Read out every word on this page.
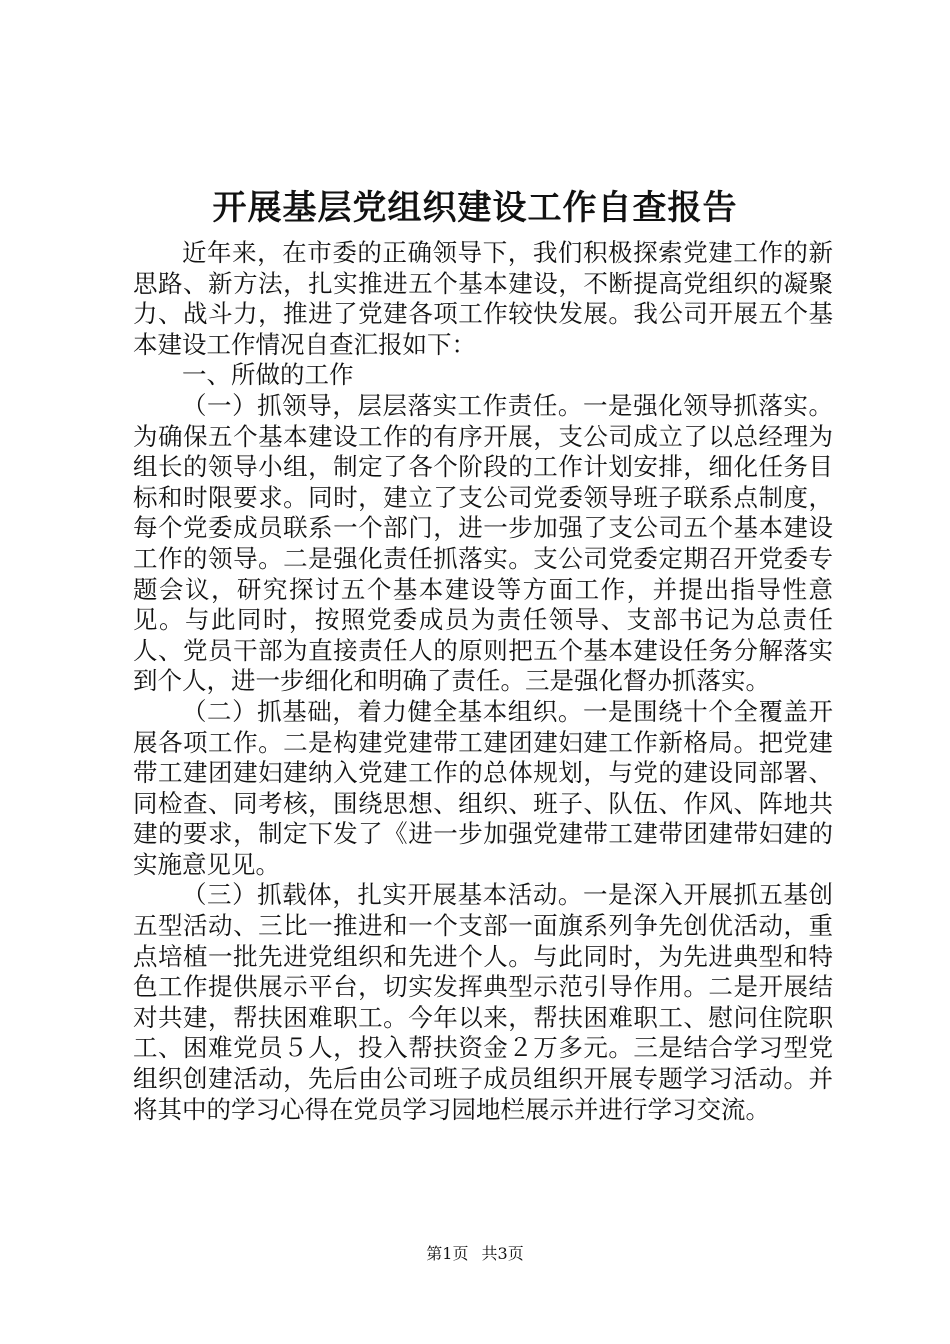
开展基层党组织建设工作自查报告

近年来，在市委的正确领导下，我们积极探索党建工作的新思路、新方法，扎实推进五个基本建设，不断提高党组织的凝聚力、战斗力，推进了党建各项工作较快发展。我公司开展五个基本建设工作情况自查汇报如下：

一、所做的工作

（一）抓领导，层层落实工作责任。一是强化领导抓落实。为确保五个基本建设工作的有序开展，支公司成立了以总经理为组长的领导小组，制定了各个阶段的工作计划安排，细化任务目标和时限要求。同时，建立了支公司党委领导班子联系点制度，每个党委成员联系一个部门，进一步加强了支公司五个基本建设工作的领导。二是强化责任抓落实。支公司党委定期召开党委专题会议，研究探讨五个基本建设等方面工作，并提出指导性意见。与此同时，按照党委成员为责任领导、支部书记为总责任人、党员干部为直接责任人的原则把五个基本建设任务分解落实到个人，进一步细化和明确了责任。三是强化督办抓落实。

（二）抓基础，着力健全基本组织。一是围绕十个全覆盖开展各项工作。二是构建党建带工建团建妇建工作新格局。把党建带工建团建妇建纳入党建工作的总体规划，与党的建设同部署、同检查、同考核，围绕思想、组织、班子、队伍、作风、阵地共建的要求，制定下发了《进一步加强党建带工建带团建带妇建的实施意见见。

（三）抓载体，扎实开展基本活动。一是深入开展抓五基创五型活动、三比一推进和一个支部一面旗系列争先创优活动，重点培植一批先进党组织和先进个人。与此同时，为先进典型和特色工作提供展示平台，切实发挥典型示范引导作用。二是开展结对共建，帮扶困难职工。今年以来，帮扶困难职工、慰问住院职工、困难党员５人，投入帮扶资金２万多元。三是结合学习型党组织创建活动，先后由公司班子成员组织开展专题学习活动。并将其中的学习心得在党员学习园地栏展示并进行学习交流。

第1页 共3页
